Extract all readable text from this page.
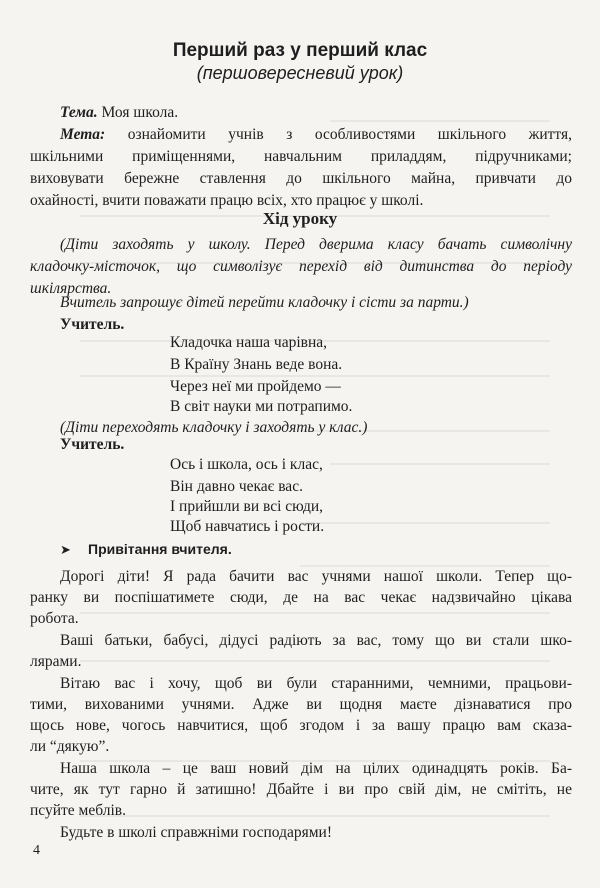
Перший раз у перший клас
(першовересневий урок)
Тема. Моя школа.
Мета: ознайомити учнів з особливостями шкільного життя,
шкільними приміщеннями, навчальним приладдям, підручниками;
виховувати бережне ставлення до шкільного майна, привчати до
охайності, вчити поважати працю всіх, хто працює у школі.
Хід уроку
(Діти заходять у школу. Перед дверима класу бачать символічну
кладочку-місточок, що символізує перехід від дитинства до періоду
шкілярства.
Вчитель запрошує дітей перейти кладочку і сісти за парти.)
Учитель.
Кладочка наша чарівна,
В Країну Знань веде вона.
Через неї ми пройдемо —
В світ науки ми потрапимо.
(Діти переходять кладочку і заходять у клас.)
Учитель.
Ось і школа, ось і клас,
Він давно чекає вас.
І прийшли ви всі сюди,
Щоб навчатись і рости.
➤ Привітання вчителя.
Дорогі діти! Я рада бачити вас учнями нашої школи. Тепер що-
ранку ви поспішатимете сюди, де на вас чекає надзвичайно цікава
робота.
Ваші батьки, бабусі, дідусі радіють за вас, тому що ви стали шко-
лярами.
Вітаю вас і хочу, щоб ви були старанними, чемними, працьови-
тими, вихованими учнями. Адже ви щодня маєте дізнаватися про
щось нове, чогось навчитися, щоб згодом і за вашу працю вам сказа-
ли “дякую”.
Наша школа – це ваш новий дім на цілих одинадцять років. Ба-
чите, як тут гарно й затишно! Дбайте і ви про свій дім, не смітіть, не
псуйте меблів.
Будьте в школі справжніми господарями!
4
